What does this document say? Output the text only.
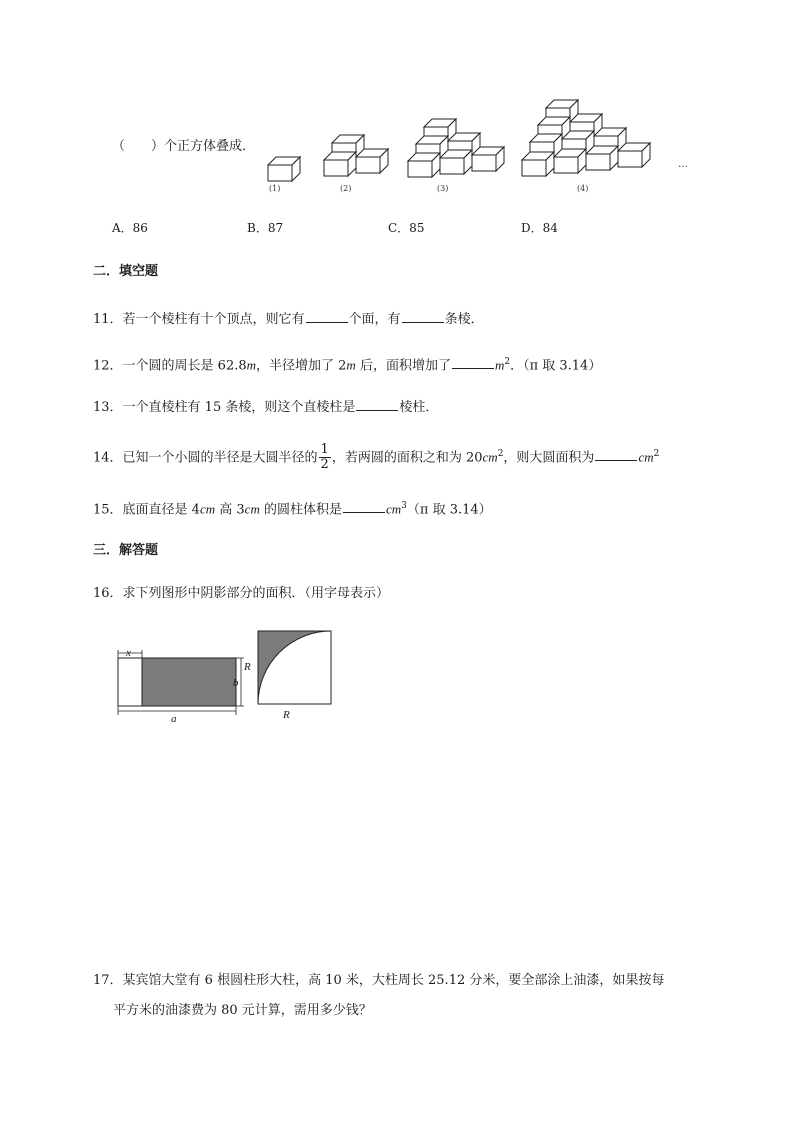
（　　）个正方体叠成．
…
(1)	(2)	(3)	(4)
A．86	B．87	C．85	D．84
二．填空题
11．若一个棱柱有十个顶点，则它有	个面，有	条棱．
12．一个圆的周长是 62.8m，半径增加了 2m 后，面积增加了	$m^2$．（π 取 3.14）
13．一个直棱柱有 15 条棱，则这个直棱柱是	棱柱．
14．已知一个小圆的半径是大圆半径的 $\frac{1}{2}$ ，若两圆的面积之和为 $20cm^2$，则大圆面积为	$cm^2$
15．底面直径是 4cm 高 3cm 的圆柱体积是	$cm^3(\pi$ 取 3.14）
三．解答题
16．求下列图形中阴影部分的面积．（用字母表示）
x
a
b
R
R
17．某宾馆大堂有 6 根圆柱形大柱，高 10 米，大柱周长 25.12 分米，要全部涂上油漆，如果按每
平方米的油漆费为 80 元计算，需用多少钱？
